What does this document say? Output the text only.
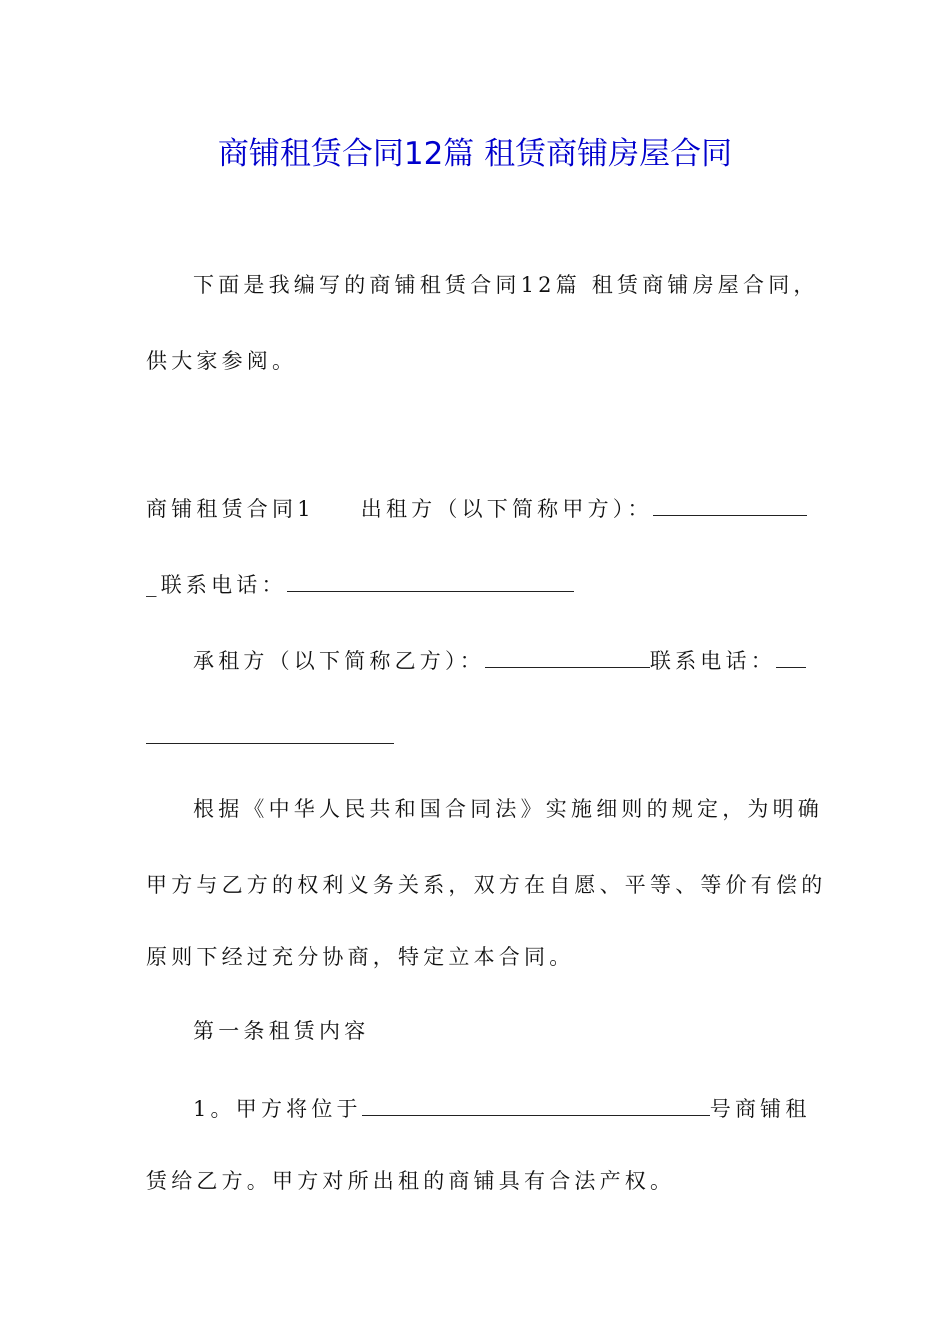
商铺租赁合同12篇 租赁商铺房屋合同
下面是我编写的商铺租赁合同12篇 租赁商铺房屋合同，
供大家参阅。
商铺租赁合同1 出租方（以下简称甲方）：
_联系电话：
承租方（以下简称乙方）：	联系电话：
根据《中华人民共和国合同法》实施细则的规定，为明确
甲方与乙方的权利义务关系，双方在自愿、平等、等价有偿的
原则下经过充分协商，特定立本合同。
第一条租赁内容
1。甲方将位于	号商铺租
赁给乙方。甲方对所出租的商铺具有合法产权。
